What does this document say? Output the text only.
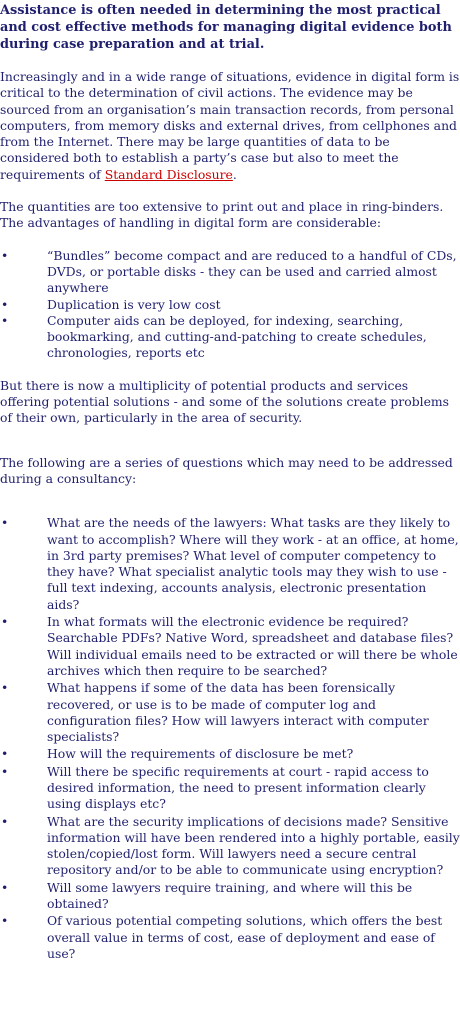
Assistance is often needed in determining the most practical and cost effective methods for managing digital evidence both during case preparation and at trial.

Increasingly and in a wide range of situations, evidence in digital form is critical to the determination of civil actions. The evidence may be sourced from an organisation’s main transaction records, from personal computers, from memory disks and external drives, from cellphones and from the Internet. There may be large quantities of data to be considered both to establish a party’s case but also to meet the requirements of Standard Disclosure.

The quantities are too extensive to print out and place in ring-binders. The advantages of handling in digital form are considerable:

•	“Bundles” become compact and are reduced to a handful of CDs, DVDs, or portable disks - they can be used and carried almost anywhere
•	Duplication is very low cost
•	Computer aids can be deployed, for indexing, searching, bookmarking, and cutting-and-patching to create schedules, chronologies, reports etc

But there is now a multiplicity of potential products and services offering potential solutions - and some of the solutions create problems of their own, particularly in the area of security.

The following are a series of questions which may need to be addressed during a consultancy:

•	What are the needs of the lawyers: What tasks are they likely to want to accomplish? Where will they work - at an office, at home, in 3rd party premises? What level of computer competency to they have? What specialist analytic tools may they wish to use - full text indexing, accounts analysis, electronic presentation aids?
•	In what formats will the electronic evidence be required? Searchable PDFs? Native Word, spreadsheet and database files? Will individual emails need to be extracted or will there be whole archives which then require to be searched?
•	What happens if some of the data has been forensically recovered, or use is to be made of computer log and configuration files? How will lawyers interact with computer specialists?
•	How will the requirements of disclosure be met?
•	Will there be specific requirements at court - rapid access to desired information, the need to present information clearly using displays etc?
•	What are the security implications of decisions made? Sensitive information will have been rendered into a highly portable, easily stolen/copied/lost form. Will lawyers need a secure central repository and/or to be able to communicate using encryption?
•	Will some lawyers require training, and where will this be obtained?
•	Of various potential competing solutions, which offers the best overall value in terms of cost, ease of deployment and ease of use?
